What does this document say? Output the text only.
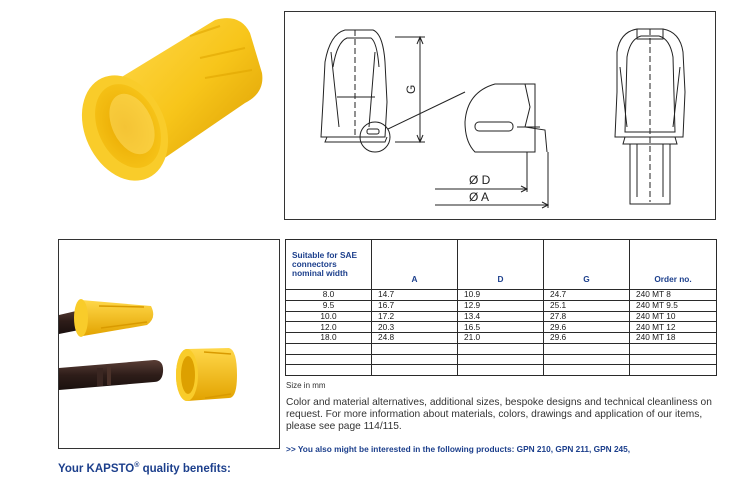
G
Ø D
Ø A
Suitable for SAE connectors nominal width	A	D	G	Order no.
8.0	14.7	10.9	24.7	240 MT 8
9.5	16.7	12.9	25.1	240 MT 9.5
10.0	17.2	13.4	27.8	240 MT 10
12.0	20.3	16.5	29.6	240 MT 12
18.0	24.8	21.0	29.6	240 MT 18

Size in mm
Color and material alternatives, additional sizes, bespoke designs and technical cleanliness on request. For more information about materials, colors, drawings and application of our items, please see page 114/115.
>> You also might be interested in the following products: GPN 210, GPN 211, GPN 245,
Your KAPSTO® quality benefits:
